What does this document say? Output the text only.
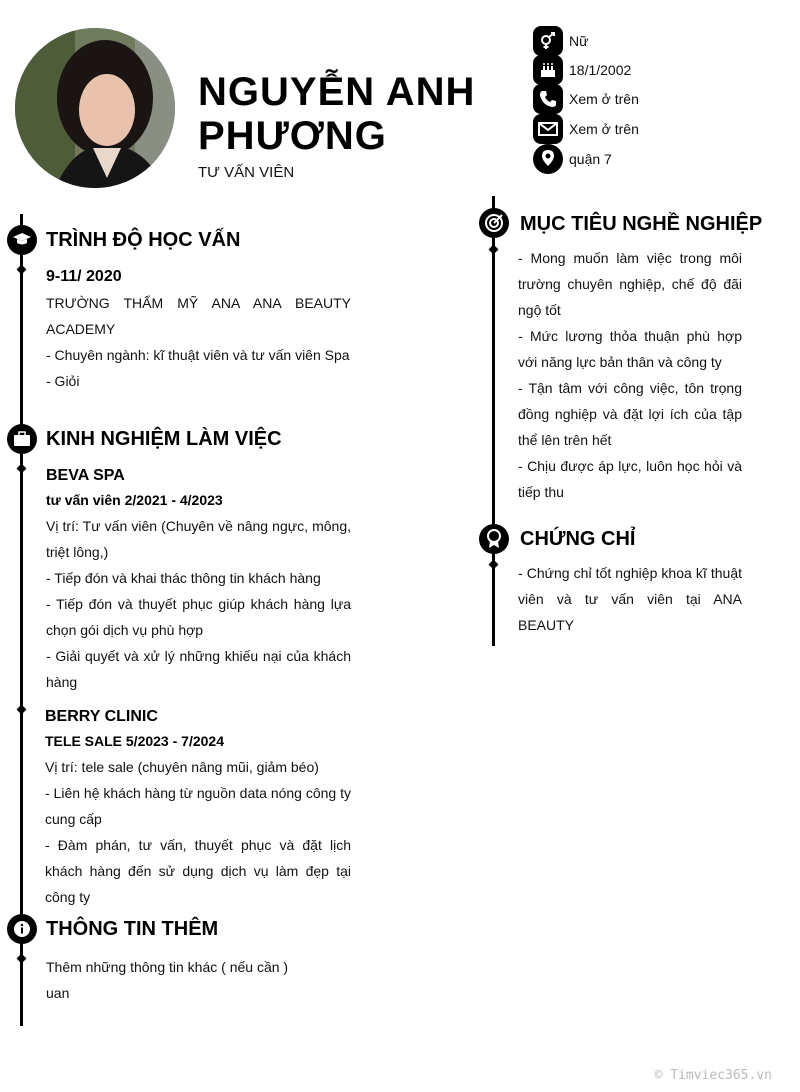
NGUYỄN ANH PHƯƠNG
TƯ VẤN VIÊN
Nữ
18/1/2002
Xem ở trên
Xem ở trên
quận 7
TRÌNH ĐỘ HỌC VẤN
9-11/ 2020

TRƯỜNG THẨM MỸ ANA ANA BEAUTY ACADEMY

- Chuyên ngành: kĩ thuật viên và tư vấn viên Spa

- Giỏi

KINH NGHIỆM LÀM VIỆC
BEVA SPA
tư vấn viên 2/2021 - 4/2023

Vị trí: Tư vấn viên (Chuyên về nâng ngực, mông, triệt lông,)

- Tiếp đón và khai thác thông tin khách hàng

- Tiếp đón và thuyết phục giúp khách hàng lựa chọn gói dịch vụ phù hợp

- Giải quyết và xử lý những khiếu nại của khách hàng

BERRY CLINIC
TELE SALE 5/2023 - 7/2024

Vị trí: tele sale (chuyên nâng mũi, giảm béo)

- Liên hệ khách hàng từ nguồn data nóng công ty cung cấp

- Đàm phán, tư vấn, thuyết phục và đặt lịch khách hàng đến sử dụng dịch vụ làm đẹp tại công ty

THÔNG TIN THÊM

Thêm những thông tin khác ( nếu cần )

uan

MỤC TIÊU NGHỀ NGHIỆP

- Mong muốn làm việc trong môi trường chuyên nghiệp, chế độ đãi ngộ tốt

- Mức lương thỏa thuận phù hợp với năng lực bản thân và công ty

- Tận tâm với công việc, tôn trọng đồng nghiệp và đặt lợi ích của tập thể lên trên hết

- Chịu được áp lực, luôn học hỏi và tiếp thu

CHỨNG CHỈ

- Chứng chỉ tốt nghiệp khoa kĩ thuật viên và tư vấn viên tại ANA BEAUTY

© Timviec365.vn
